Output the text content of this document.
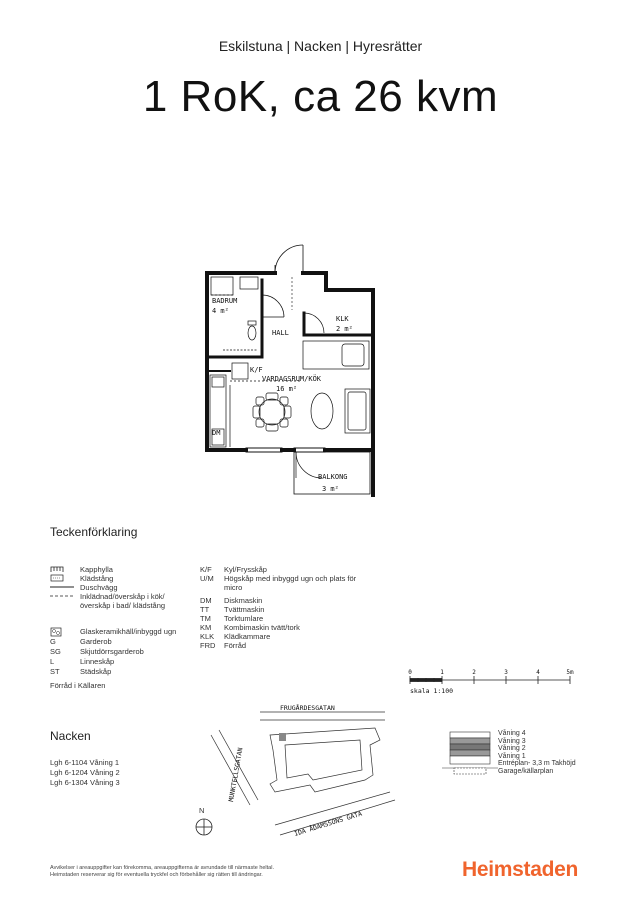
Eskilstuna | Nacken | Hyresrätter
1 RoK, ca 26 kvm
BADRUM
4 m²
KLK
2 m²
HALL
VARDAGSRUM/KÖK
16 m²
K/F
DM
BALKONG
3 m²
Teckenförklaring
Kapphylla
Klädstång
Duschvägg
Inklädnad/överskåp i kök/överskåp i bad/ klädstång
Glaskeramikhäll/inbyggd ugn
G	Garderob
SG	Skjutdörrsgarderob
L	Linneskåp
ST	Städskåp
Förråd i Källaren
K/F Kyl/Frysskåp
U/M Högskåp med inbyggd ugn och plats för micro
DM Diskmaskin
TT Tvättmaskin
TM Torktumlare
KM Kombimaskin tvätt/tork
KLK Klädkammare
FRD Förråd
0	1	2	3	4	5m
skala 1:100
Nacken
Lgh 6-1104 Våning 1
Lgh 6-1204 Våning 2
Lgh 6-1304 Våning 3
FRUGÅRDESGATAN
MUNKTELLSGATAN
IDA ÅDAMSSONS GATA
N
Våning 4
Våning 3
Våning 2
Våning 1
Entréplan- 3,3 m Takhöjd
Garage/källarplan
Avvikelser i areauppgifter kan förekomma, areauppgifterna är avrundade till närmaste heltal.
Heimstaden reserverar sig för eventuella tryckfel och förbehåller sig rätten till ändringar.	Heimstaden
